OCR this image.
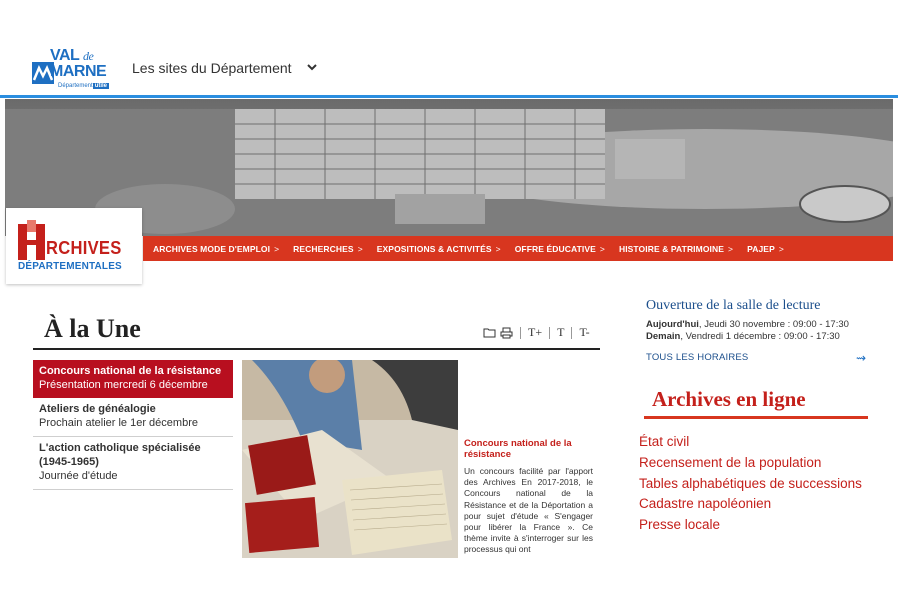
VAL de
MARNE
Département utile
Les sites du Département
RCHIVES
DÉPARTEMENTALES
ARCHIVES MODE D'EMPLOI > RECHERCHES > EXPOSITIONS & ACTIVITÉS > OFFRE ÉDUCATIVE > HISTOIRE & PATRIMOINE > PAJEP >
À la Une	T+ T T-
Concours national de la résistance
Présentation mercredi 6 décembre
Ateliers de généalogie
Prochain atelier le 1er décembre
L'action catholique spécialisée (1945-1965)
Journée d'étude
Concours national de la résistance
Un concours facilité par l'apport des Archives En 2017-2018, le Concours national de la Résistance et de la Déportation a pour sujet d'étude « S'engager pour libérer la France ». Ce thème invite à s'interroger sur les processus qui ont
Ouverture de la salle de lecture
Aujourd'hui, Jeudi 30 novembre : 09:00 - 17:30
Demain, Vendredi 1 décembre : 09:00 - 17:30
TOUS LES HORAIRES	⇝
Archives en ligne
État civil
Recensement de la population
Tables alphabétiques de successions
Cadastre napoléonien
Presse locale
